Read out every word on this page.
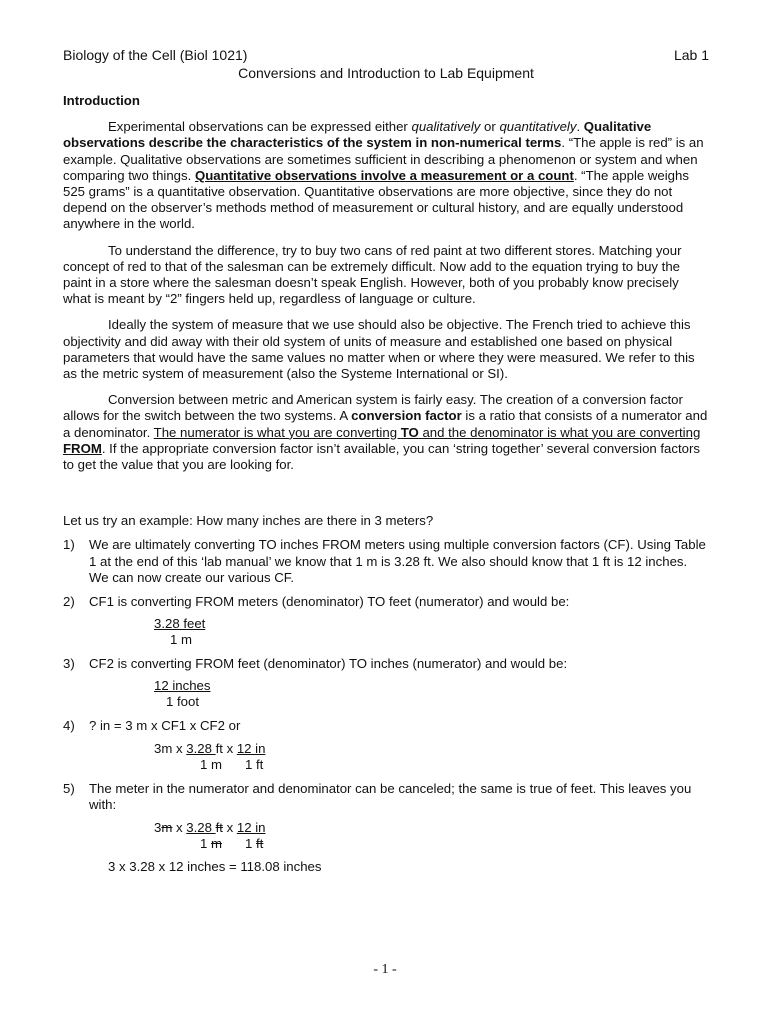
Biology of the Cell (Biol 1021)	Lab 1
Conversions and Introduction to Lab Equipment
Introduction

Experimental observations can be expressed either qualitatively or quantitatively. Qualitative observations describe the characteristics of the system in non-numerical terms. “The apple is red” is an example. Qualitative observations are sometimes sufficient in describing a phenomenon or system and when comparing two things. Quantitative observations involve a measurement or a count. “The apple weighs 525 grams” is a quantitative observation. Quantitative observations are more objective, since they do not depend on the observer’s methods method of measurement or cultural history, and are equally understood anywhere in the world.

To understand the difference, try to buy two cans of red paint at two different stores. Matching your concept of red to that of the salesman can be extremely difficult. Now add to the equation trying to buy the paint in a store where the salesman doesn’t speak English. However, both of you probably know precisely what is meant by “2” fingers held up, regardless of language or culture.

Ideally the system of measure that we use should also be objective. The French tried to achieve this objectivity and did away with their old system of units of measure and established one based on physical parameters that would have the same values no matter when or where they were measured. We refer to this as the metric system of measurement (also the Systeme International or SI).

Conversion between metric and American system is fairly easy. The creation of a conversion factor allows for the switch between the two systems. A conversion factor is a ratio that consists of a numerator and a denominator. The numerator is what you are converting TO and the denominator is what you are converting FROM. If the appropriate conversion factor isn’t available, you can ‘string together’ several conversion factors to get the value that you are looking for.

Let us try an example: How many inches are there in 3 meters?
1)	We are ultimately converting TO inches FROM meters using multiple conversion factors (CF). Using Table 1 at the end of this ‘lab manual’ we know that 1 m is 3.28 ft. We also should know that 1 ft is 12 inches. We can now create our various CF.
2)	CF1 is converting FROM meters (denominator) TO feet (numerator) and would be:
3.28 feet
1 m
3)	CF2 is converting FROM feet (denominator) TO inches (numerator) and would be:
12 inches
1 foot
4)	? in = 3 m x CF1 x CF2 or
3m x 3.28 ft x 12 in
1 m 1 ft
5)	The meter in the numerator and denominator can be canceled; the same is true of feet. This leaves you with:
3m x 3.28 ft x 12 in
1 m 1 ft
3 x 3.28 x 12 inches = 118.08 inches
- 1 -
